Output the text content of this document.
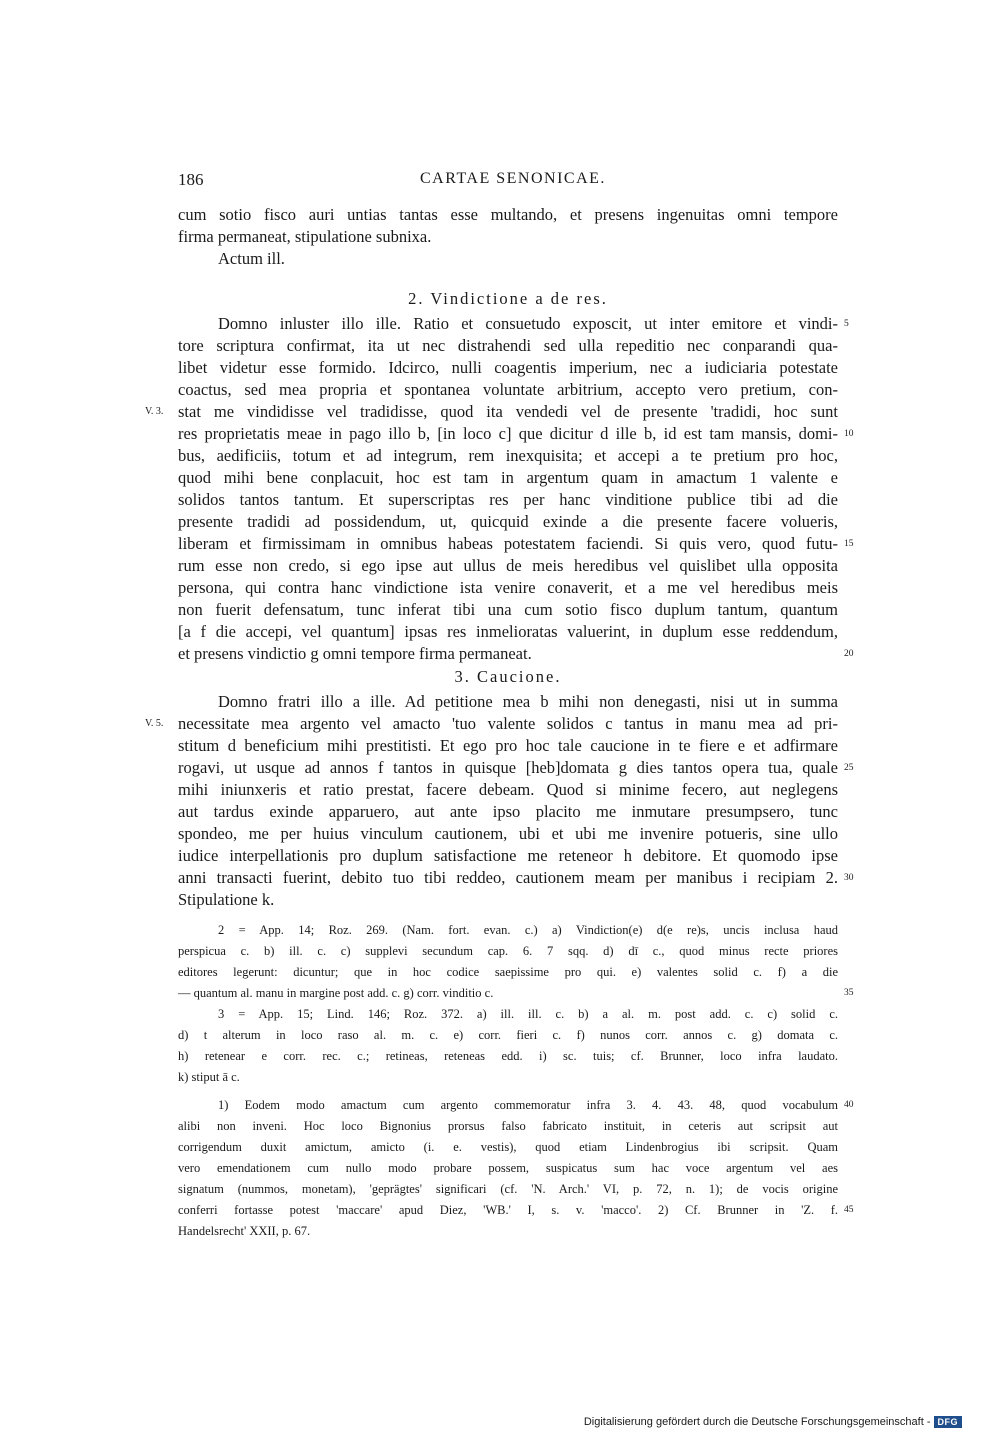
186	CARTAE SENONICAE.
cum sotio fisco auri untias tantas esse multando, et presens ingenuitas omni tempore
firma permaneat, stipulatione subnixa.
Actum ill.
2. Vindictione a de res.
Domno inluster illo ille. Ratio et consuetudo exposcit, ut inter emitore et vindi-
tore scriptura confirmat, ita ut nec distrahendi sed ulla repeditio nec conparandi qua-
libet videtur esse formido. Idcirco, nulli coagentis imperium, nec a iudiciaria potestate
coactus, sed mea propria et spontanea voluntate arbitrium, accepto vero pretium, con-
stat me vindidisse vel tradidisse, quod ita vendedi vel de presente 'tradidi, hoc sunt
res proprietatis meae in pago illo b, [in loco c] que dicitur d ille b, id est tam mansis, domi-
bus, aedificiis, totum et ad integrum, rem inexquisita; et accepi a te pretium pro hoc,
quod mihi bene conplacuit, hoc est tam in argentum quam in amactum 1 valente e
solidos tantos tantum. Et superscriptas res per hanc vinditione publice tibi ad die
presente tradidi ad possidendum, ut, quicquid exinde a die presente facere volueris,
liberam et firmissimam in omnibus habeas potestatem faciendi. Si quis vero, quod futu-
rum esse non credo, si ego ipse aut ullus de meis heredibus vel quislibet ulla opposita
persona, qui contra hanc vindictione ista venire conaverit, et a me vel heredibus meis
non fuerit defensatum, tunc inferat tibi una cum sotio fisco duplum tantum, quantum
[a f die accepi, vel quantum] ipsas res inmelioratas valuerint, in duplum esse reddendum,
et presens vindictio g omni tempore firma permaneat.
V. 3.
5
10
15
20
3. Caucione.
Domno fratri illo a ille. Ad petitione mea b mihi non denegasti, nisi ut in summa
necessitate mea argento vel amacto 'tuo valente solidos c tantus in manu mea ad pri-
stitum d beneficium mihi prestitisti. Et ego pro hoc tale caucione in te fiere e et adfirmare
rogavi, ut usque ad annos f tantos in quisque [heb]domata g dies tantos opera tua, quale
mihi iniunxeris et ratio prestat, facere debeam. Quod si minime fecero, aut neglegens
aut tardus exinde apparuero, aut ante ipso placito me inmutare presumpsero, tunc
spondeo, me per huius vinculum cautionem, ubi et ubi me invenire potueris, sine ullo
iudice interpellationis pro duplum satisfactione me reteneor h debitore. Et quomodo ipse
anni transacti fuerint, debito tuo tibi reddeo, cautionem meam per manibus i recipiam 2.
Stipulatione k.
V. 5.
25
30
2 = App. 14; Roz. 269. (Nam. fort. evan. c.) a) Vindiction(e) d(e re)s, uncis inclusa haud
perspicua c. b) ill. c. c) supplevi secundum cap. 6. 7 sqq. d) dī c., quod minus recte priores
editores legerunt: dicuntur; que in hoc codice saepissime pro qui. e) valentes solid c. f) a die
— quantum al. manu in margine post add. c. g) corr. vinditio c.
3 = App. 15; Lind. 146; Roz. 372. a) ill. ill. c. b) a al. m. post add. c. c) solid c.
d) t alterum in loco raso al. m. c. e) corr. fieri c. f) nunos corr. annos c. g) domata c.
h) retenear e corr. rec. c.; retineas, reteneas edd. i) sc. tuis; cf. Brunner, loco infra laudato.
k) stiput ā c.
35
1) Eodem modo amactum cum argento commemoratur infra 3. 4. 43. 48, quod vocabulum
alibi non inveni. Hoc loco Bignonius prorsus falso fabricato instituit, in ceteris aut scripsit aut
corrigendum duxit amictum, amicto (i. e. vestis), quod etiam Lindenbrogius ibi scripsit. Quam
vero emendationem cum nullo modo probare possem, suspicatus sum hac voce argentum vel aes
signatum (nummos, monetam), 'geprägtes' significari (cf. 'N. Arch.' VI, p. 72, n. 1); de vocis origine
conferri fortasse potest 'maccare' apud Diez, 'WB.' I, s. v. 'macco'. 2) Cf. Brunner in 'Z. f.
Handelsrecht' XXII, p. 67.
40
45
Digitalisierung gefördert durch die Deutsche Forschungsgemeinschaft - DFG
